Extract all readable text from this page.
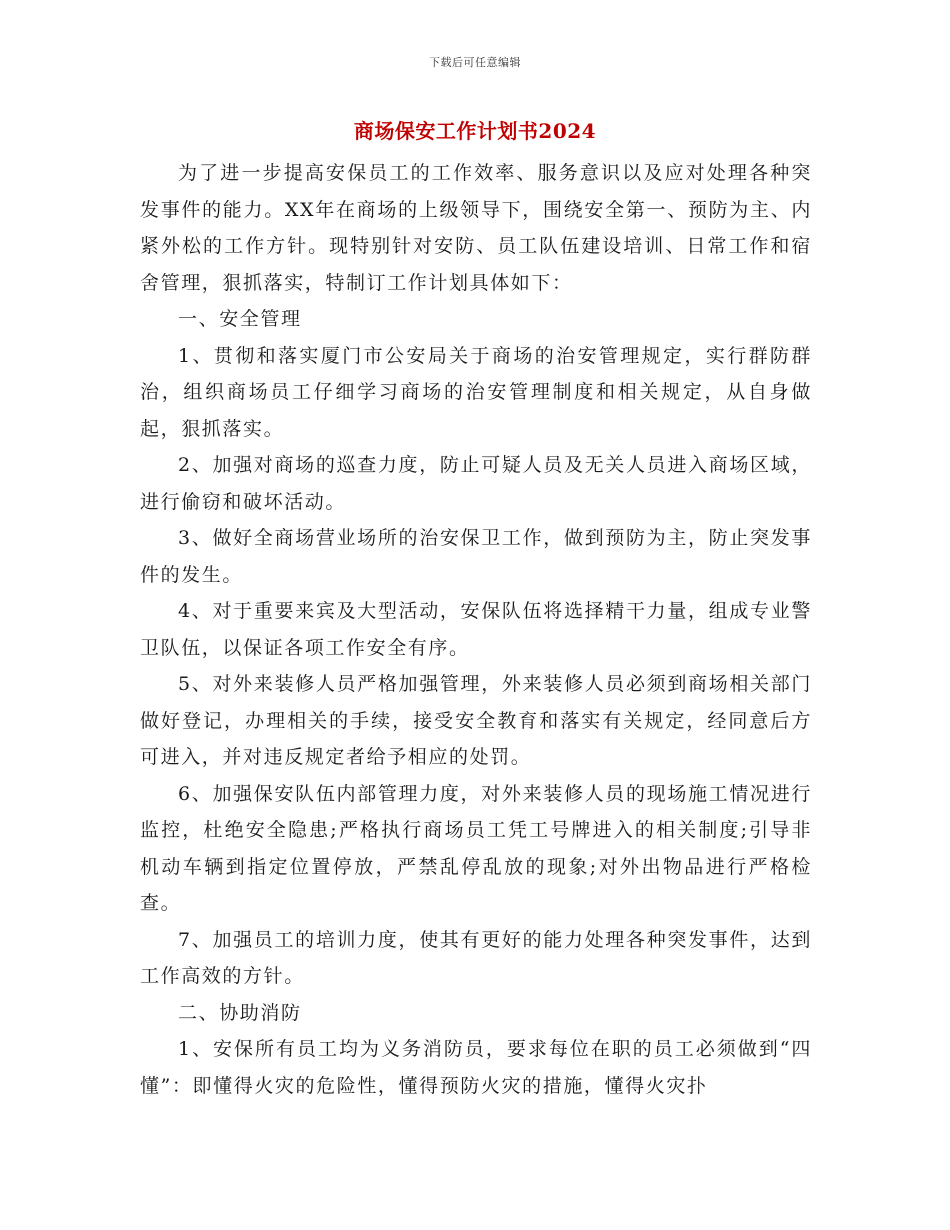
下载后可任意编辑
商场保安工作计划书2024

为了进一步提高安保员工的工作效率、服务意识以及应对处理各种突发事件的能力。XX年在商场的上级领导下，围绕安全第一、预防为主、内紧外松的工作方针。现特别针对安防、员工队伍建设培训、日常工作和宿舍管理，狠抓落实，特制订工作计划具体如下：

一、安全管理

1、贯彻和落实厦门市公安局关于商场的治安管理规定，实行群防群治，组织商场员工仔细学习商场的治安管理制度和相关规定，从自身做起，狠抓落实。

2、加强对商场的巡查力度，防止可疑人员及无关人员进入商场区域，进行偷窃和破坏活动。

3、做好全商场营业场所的治安保卫工作，做到预防为主，防止突发事件的发生。

4、对于重要来宾及大型活动，安保队伍将选择精干力量，组成专业警卫队伍，以保证各项工作安全有序。

5、对外来装修人员严格加强管理，外来装修人员必须到商场相关部门做好登记，办理相关的手续，接受安全教育和落实有关规定，经同意后方可进入，并对违反规定者给予相应的处罚。

6、加强保安队伍内部管理力度，对外来装修人员的现场施工情况进行监控，杜绝安全隐患;严格执行商场员工凭工号牌进入的相关制度;引导非机动车辆到指定位置停放，严禁乱停乱放的现象;对外出物品进行严格检查。

7、加强员工的培训力度，使其有更好的能力处理各种突发事件，达到工作高效的方针。

二、协助消防

1、安保所有员工均为义务消防员，要求每位在职的员工必须做到“四懂”：即懂得火灾的危险性，懂得预防火灾的措施，懂得火灾扑
